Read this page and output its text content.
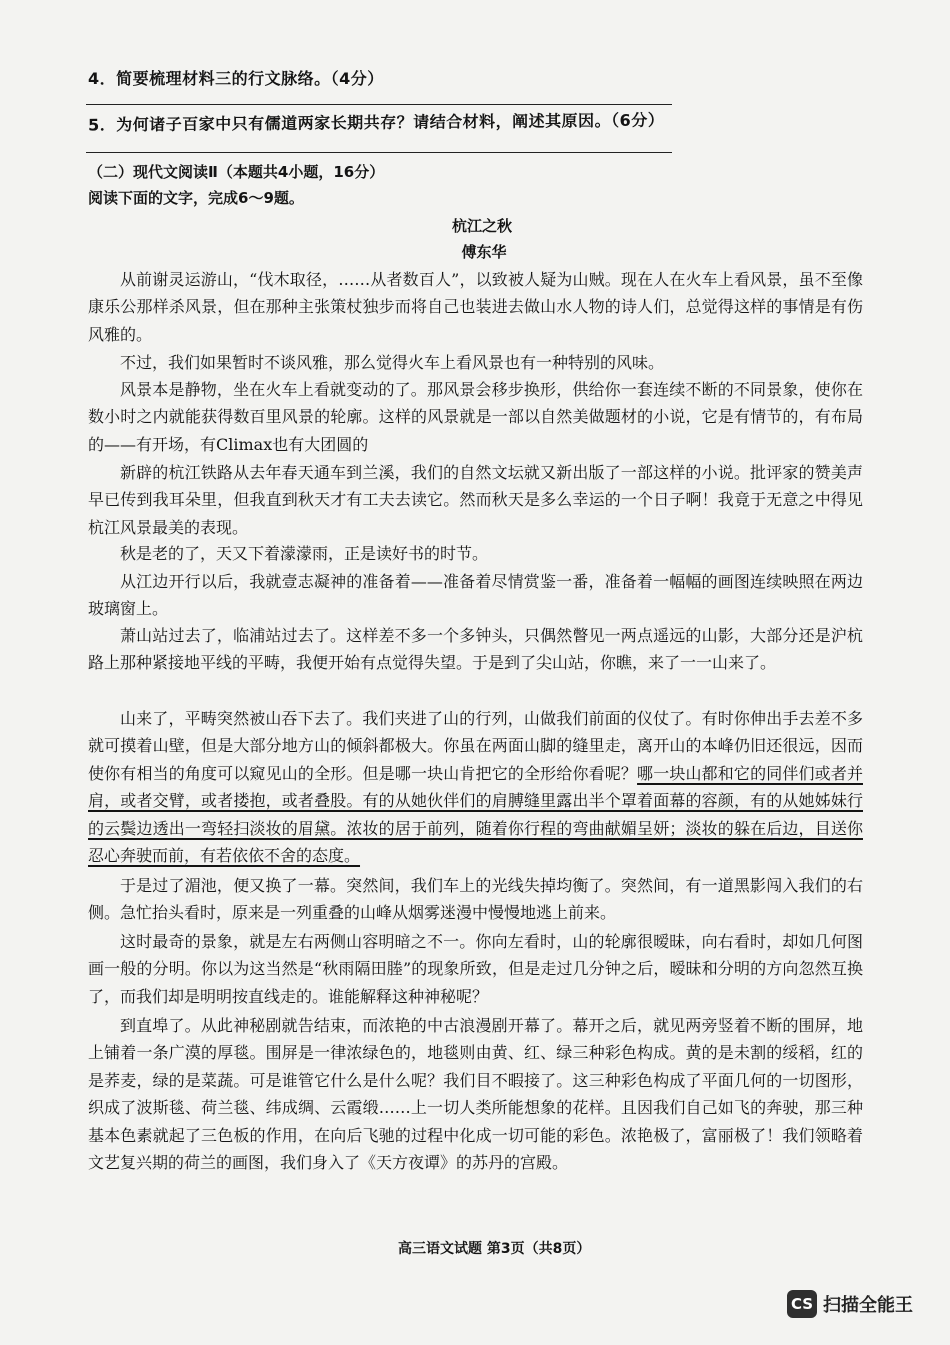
4．简要梳理材料三的行文脉络。（4分）
5．为何诸子百家中只有儒道两家长期共存？请结合材料，阐述其原因。（6分）
（二）现代文阅读Ⅱ（本题共4小题，16分）
阅读下面的文字，完成6～9题。
杭江之秋
傅东华
从前谢灵运游山，“伐木取径，……从者数百人”，以致被人疑为山贼。现在人在火车上看风景，虽不至像康乐公那样杀风景，但在那种主张策杖独步而将自己也装进去做山水人物的诗人们，总觉得这样的事情是有伤风雅的。
不过，我们如果暂时不谈风雅，那么觉得火车上看风景也有一种特别的风味。
风景本是静物，坐在火车上看就变动的了。那风景会移步换形，供给你一套连续不断的不同景象，使你在数小时之内就能获得数百里风景的轮廓。这样的风景就是一部以自然美做题材的小说，它是有情节的，有布局的——有开场，有Climax也有大团圆的
新辟的杭江铁路从去年春天通车到兰溪，我们的自然文坛就又新出版了一部这样的小说。批评家的赞美声早已传到我耳朵里，但我直到秋天才有工夫去读它。然而秋天是多么幸运的一个日子啊！我竟于无意之中得见杭江风景最美的表现。
秋是老的了，天又下着濛濛雨，正是读好书的时节。
从江边开行以后，我就壹志凝神的准备着——准备着尽情赏鉴一番，准备着一幅幅的画图连续映照在两边玻璃窗上。
萧山站过去了，临浦站过去了。这样差不多一个多钟头，只偶然瞥见一两点遥远的山影，大部分还是沪杭路上那种紧接地平线的平畴，我便开始有点觉得失望。于是到了尖山站，你瞧，来了一一山来了。
山来了，平畴突然被山吞下去了。我们夹进了山的行列，山做我们前面的仪仗了。有时你伸出手去差不多就可摸着山壁，但是大部分地方山的倾斜都极大。你虽在两面山脚的缝里走，离开山的本峰仍旧还很远，因而使你有相当的角度可以窥见山的全形。但是哪一块山肯把它的全形给你看呢？哪一块山都和它的同伴们或者并肩，或者交臂，或者搂抱，或者叠股。有的从她伙伴们的肩膊缝里露出半个罩着面幕的容颜，有的从她姊妹行的云鬓边透出一弯轻扫淡妆的眉黛。浓妆的居于前列，随着你行程的弯曲献媚呈妍；淡妆的躲在后边，目送你忍心奔驶而前，有若依依不舍的态度。
于是过了湄池，便又换了一幕。突然间，我们车上的光线失掉均衡了。突然间，有一道黑影闯入我们的右侧。急忙抬头看时，原来是一列重叠的山峰从烟雾迷漫中慢慢地逃上前来。
这时最奇的景象，就是左右两侧山容明暗之不一。你向左看时，山的轮廓很暧昧，向右看时，却如几何图画一般的分明。你以为这当然是“秋雨隔田塍”的现象所致，但是走过几分钟之后，暧昧和分明的方向忽然互换了，而我们却是明明按直线走的。谁能解释这种神秘呢？
到直埠了。从此神秘剧就告结束，而浓艳的中古浪漫剧开幕了。幕开之后，就见两旁竖着不断的围屏，地上铺着一条广漠的厚毯。围屏是一律浓绿色的，地毯则由黄、红、绿三种彩色构成。黄的是未割的绥稻，红的是荞麦，绿的是菜蔬。可是谁管它什么是什么呢？我们目不暇接了。这三种彩色构成了平面几何的一切图形，织成了波斯毯、荷兰毯、纬成绸、云霞缎……上一切人类所能想象的花样。且因我们自己如飞的奔驶，那三种基本色素就起了三色板的作用，在向后飞驰的过程中化成一切可能的彩色。浓艳极了，富丽极了！我们领略着文艺复兴期的荷兰的画图，我们身入了《天方夜谭》的苏丹的宫殿。
高三语文试题 第3页（共8页）
CS 扫描全能王
